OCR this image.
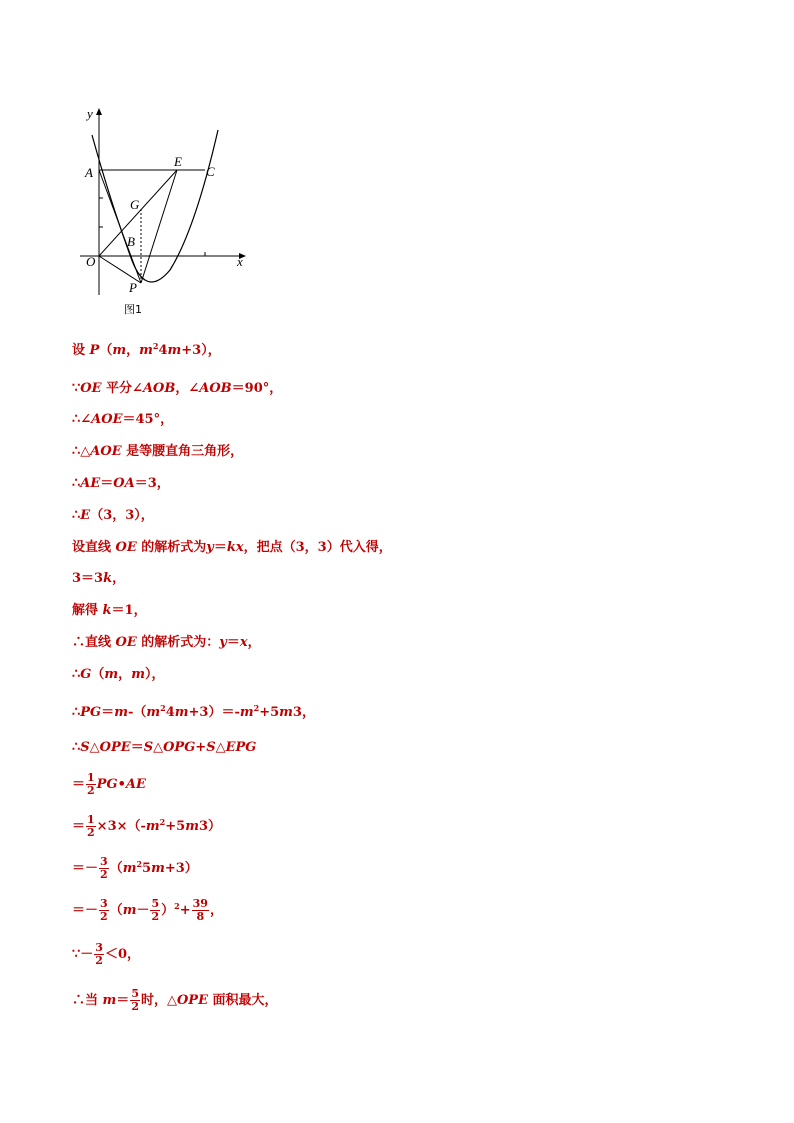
y
x
A
E
C
G
B
O
P
图1
设 P（m，$m^24m+3$），
∵OE 平分∠AOB，∠AOB＝90°，
∴∠AOE＝45°，
∴△AOE 是等腰直角三角形，
∴AE＝OA＝3，
∴E（3，3），
设直线 OE 的解析式为y＝kx，把点（3，3）代入得，
3＝3k，
解得 k＝1，
∴直线 OE 的解析式为：y＝x，
∴G（m，m），
$\therefore PG=m-(m^24m+3)=-m^2+5m3$，
∴S△OPE＝S△OPG+S△EPG
＝ $\frac{1}{2}$ PG•AE
＝ $\frac{1}{2} \times 3\times(-m^2+5m3)$
＝－ $\frac{3}{2} (m^25m+3)$
＝－ $\frac{3}{2} (m- \frac{5}{2} )^2+ \frac{39}{8}$ ，
∵－ $\frac{3}{2} <0$，
∴当 $m= \frac{5}{2}$ 时，△OPE 面积最大，
